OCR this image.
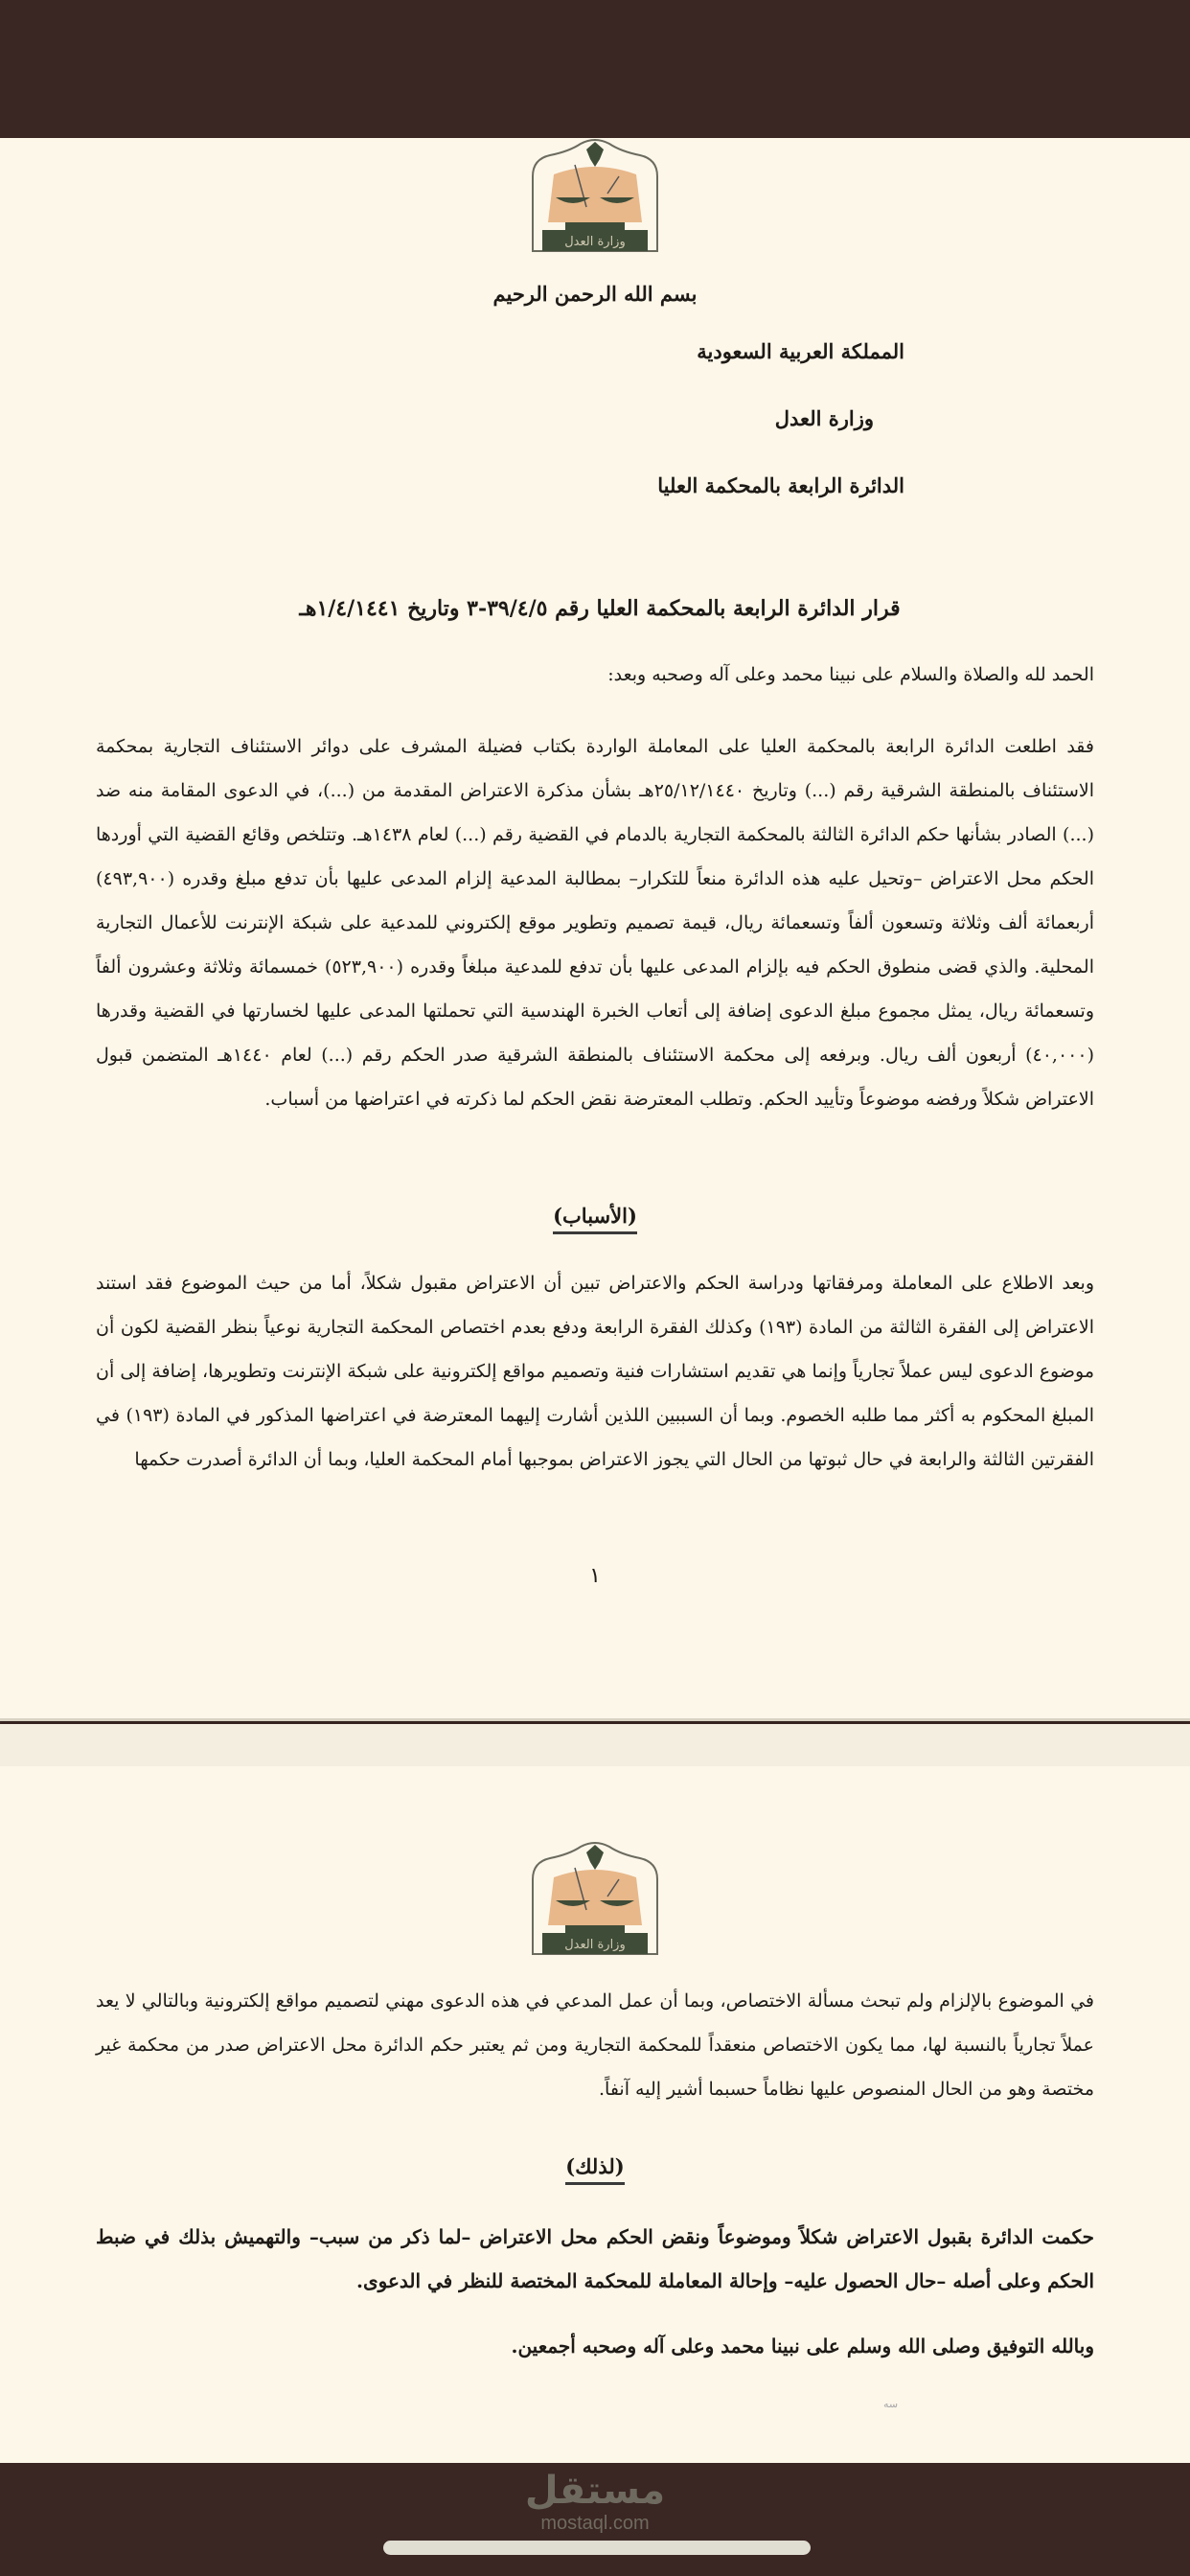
وزارة العدل
بسم الله الرحمن الرحيم
المملكة العربية السعودية
وزارة العدل
الدائرة الرابعة بالمحكمة العليا
قرار الدائرة الرابعة بالمحكمة العليا رقم ٣٩/٤/٥-٣ وتاريخ ١/٤/١٤٤١هـ
الحمد لله والصلاة والسلام على نبينا محمد وعلى آله وصحبه وبعد:
فقد اطلعت الدائرة الرابعة بالمحكمة العليا على المعاملة الواردة بكتاب فضيلة المشرف على دوائر الاستئناف التجارية بمحكمة الاستئناف بالمنطقة الشرقية رقم (...) وتاريخ ٢٥/١٢/١٤٤٠هـ بشأن مذكرة الاعتراض المقدمة من (...)، في الدعوى المقامة منه ضد (...) الصادر بشأنها حكم الدائرة الثالثة بالمحكمة التجارية بالدمام في القضية رقم (...) لعام ١٤٣٨هـ. وتتلخص وقائع القضية التي أوردها الحكم محل الاعتراض –وتحيل عليه هذه الدائرة منعاً للتكرار– بمطالبة المدعية إلزام المدعى عليها بأن تدفع مبلغ وقدره (٤٩٣,٩٠٠) أربعمائة ألف وثلاثة وتسعون ألفاً وتسعمائة ريال، قيمة تصميم وتطوير موقع إلكتروني للمدعية على شبكة الإنترنت للأعمال التجارية المحلية. والذي قضى منطوق الحكم فيه بإلزام المدعى عليها بأن تدفع للمدعية مبلغاً وقدره (٥٢٣,٩٠٠) خمسمائة وثلاثة وعشرون ألفاً وتسعمائة ريال، يمثل مجموع مبلغ الدعوى إضافة إلى أتعاب الخبرة الهندسية التي تحملتها المدعى عليها لخسارتها في القضية وقدرها (٤٠,٠٠٠) أربعون ألف ريال. وبرفعه إلى محكمة الاستئناف بالمنطقة الشرقية صدر الحكم رقم (...) لعام ١٤٤٠هـ المتضمن قبول الاعتراض شكلاً ورفضه موضوعاً وتأييد الحكم. وتطلب المعترضة نقض الحكم لما ذكرته في اعتراضها من أسباب.
(الأسباب)
وبعد الاطلاع على المعاملة ومرفقاتها ودراسة الحكم والاعتراض تبين أن الاعتراض مقبول شكلاً، أما من حيث الموضوع فقد استند الاعتراض إلى الفقرة الثالثة من المادة (١٩٣) وكذلك الفقرة الرابعة ودفع بعدم اختصاص المحكمة التجارية نوعياً بنظر القضية لكون أن موضوع الدعوى ليس عملاً تجارياً وإنما هي تقديم استشارات فنية وتصميم مواقع إلكترونية على شبكة الإنترنت وتطويرها، إضافة إلى أن المبلغ المحكوم به أكثر مما طلبه الخصوم. وبما أن السببين اللذين أشارت إليهما المعترضة في اعتراضها المذكور في المادة (١٩٣) في الفقرتين الثالثة والرابعة في حال ثبوتها من الحال التي يجوز الاعتراض بموجبها أمام المحكمة العليا، وبما أن الدائرة أصدرت حكمها
١
وزارة العدل
في الموضوع بالإلزام ولم تبحث مسألة الاختصاص، وبما أن عمل المدعي في هذه الدعوى مهني لتصميم مواقع إلكترونية وبالتالي لا يعد عملاً تجارياً بالنسبة لها، مما يكون الاختصاص منعقداً للمحكمة التجارية ومن ثم يعتبر حكم الدائرة محل الاعتراض صدر من محكمة غير مختصة وهو من الحال المنصوص عليها نظاماً حسبما أشير إليه آنفاً.
(لذلك)
حكمت الدائرة بقبول الاعتراض شكلاً وموضوعاً ونقض الحكم محل الاعتراض –لما ذكر من سبب– والتهميش بذلك في ضبط الحكم وعلى أصله –حال الحصول عليه– وإحالة المعاملة للمحكمة المختصة للنظر في الدعوى.
وبالله التوفيق وصلى الله وسلم على نبينا محمد وعلى آله وصحبه أجمعين.
سه
مستقل
mostaql.com
